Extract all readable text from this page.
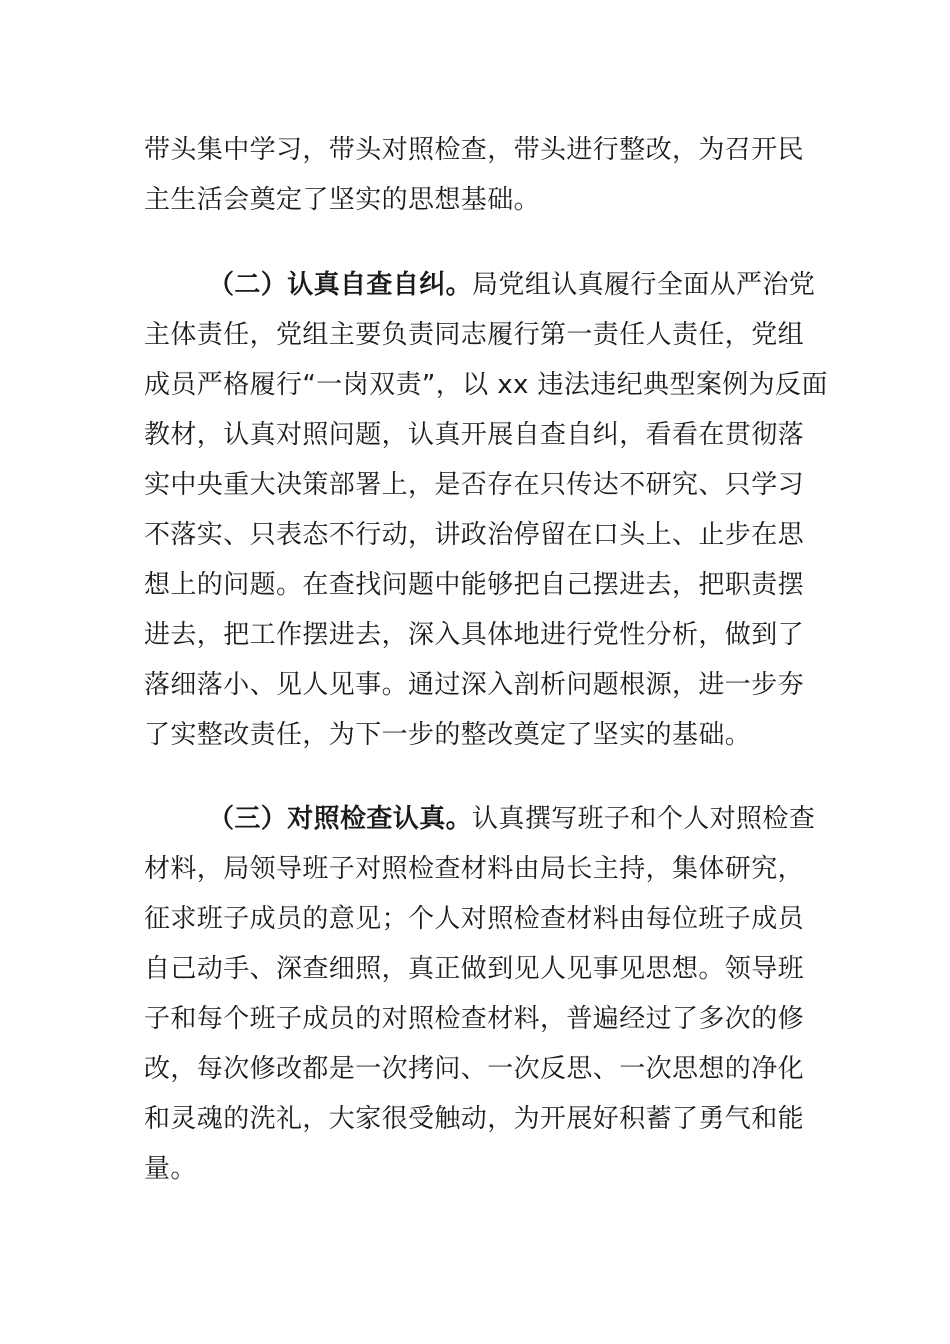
带头集中学习，带头对照检查，带头进行整改，为召开民
主生活会奠定了坚实的思想基础。
（二）认真自查自纠。局党组认真履行全面从严治党
主体责任，党组主要负责同志履行第一责任人责任，党组
成员严格履行“一岗双责”，以 xx 违法违纪典型案例为反面
教材，认真对照问题，认真开展自查自纠，看看在贯彻落
实中央重大决策部署上，是否存在只传达不研究、只学习
不落实、只表态不行动，讲政治停留在口头上、止步在思
想上的问题。在查找问题中能够把自己摆进去，把职责摆
进去，把工作摆进去，深入具体地进行党性分析，做到了
落细落小、见人见事。通过深入剖析问题根源，进一步夯
了实整改责任，为下一步的整改奠定了坚实的基础。
（三）对照检查认真。认真撰写班子和个人对照检查
材料，局领导班子对照检查材料由局长主持，集体研究，
征求班子成员的意见；个人对照检查材料由每位班子成员
自己动手、深查细照，真正做到见人见事见思想。领导班
子和每个班子成员的对照检查材料，普遍经过了多次的修
改，每次修改都是一次拷问、一次反思、一次思想的净化
和灵魂的洗礼，大家很受触动，为开展好积蓄了勇气和能
量。
